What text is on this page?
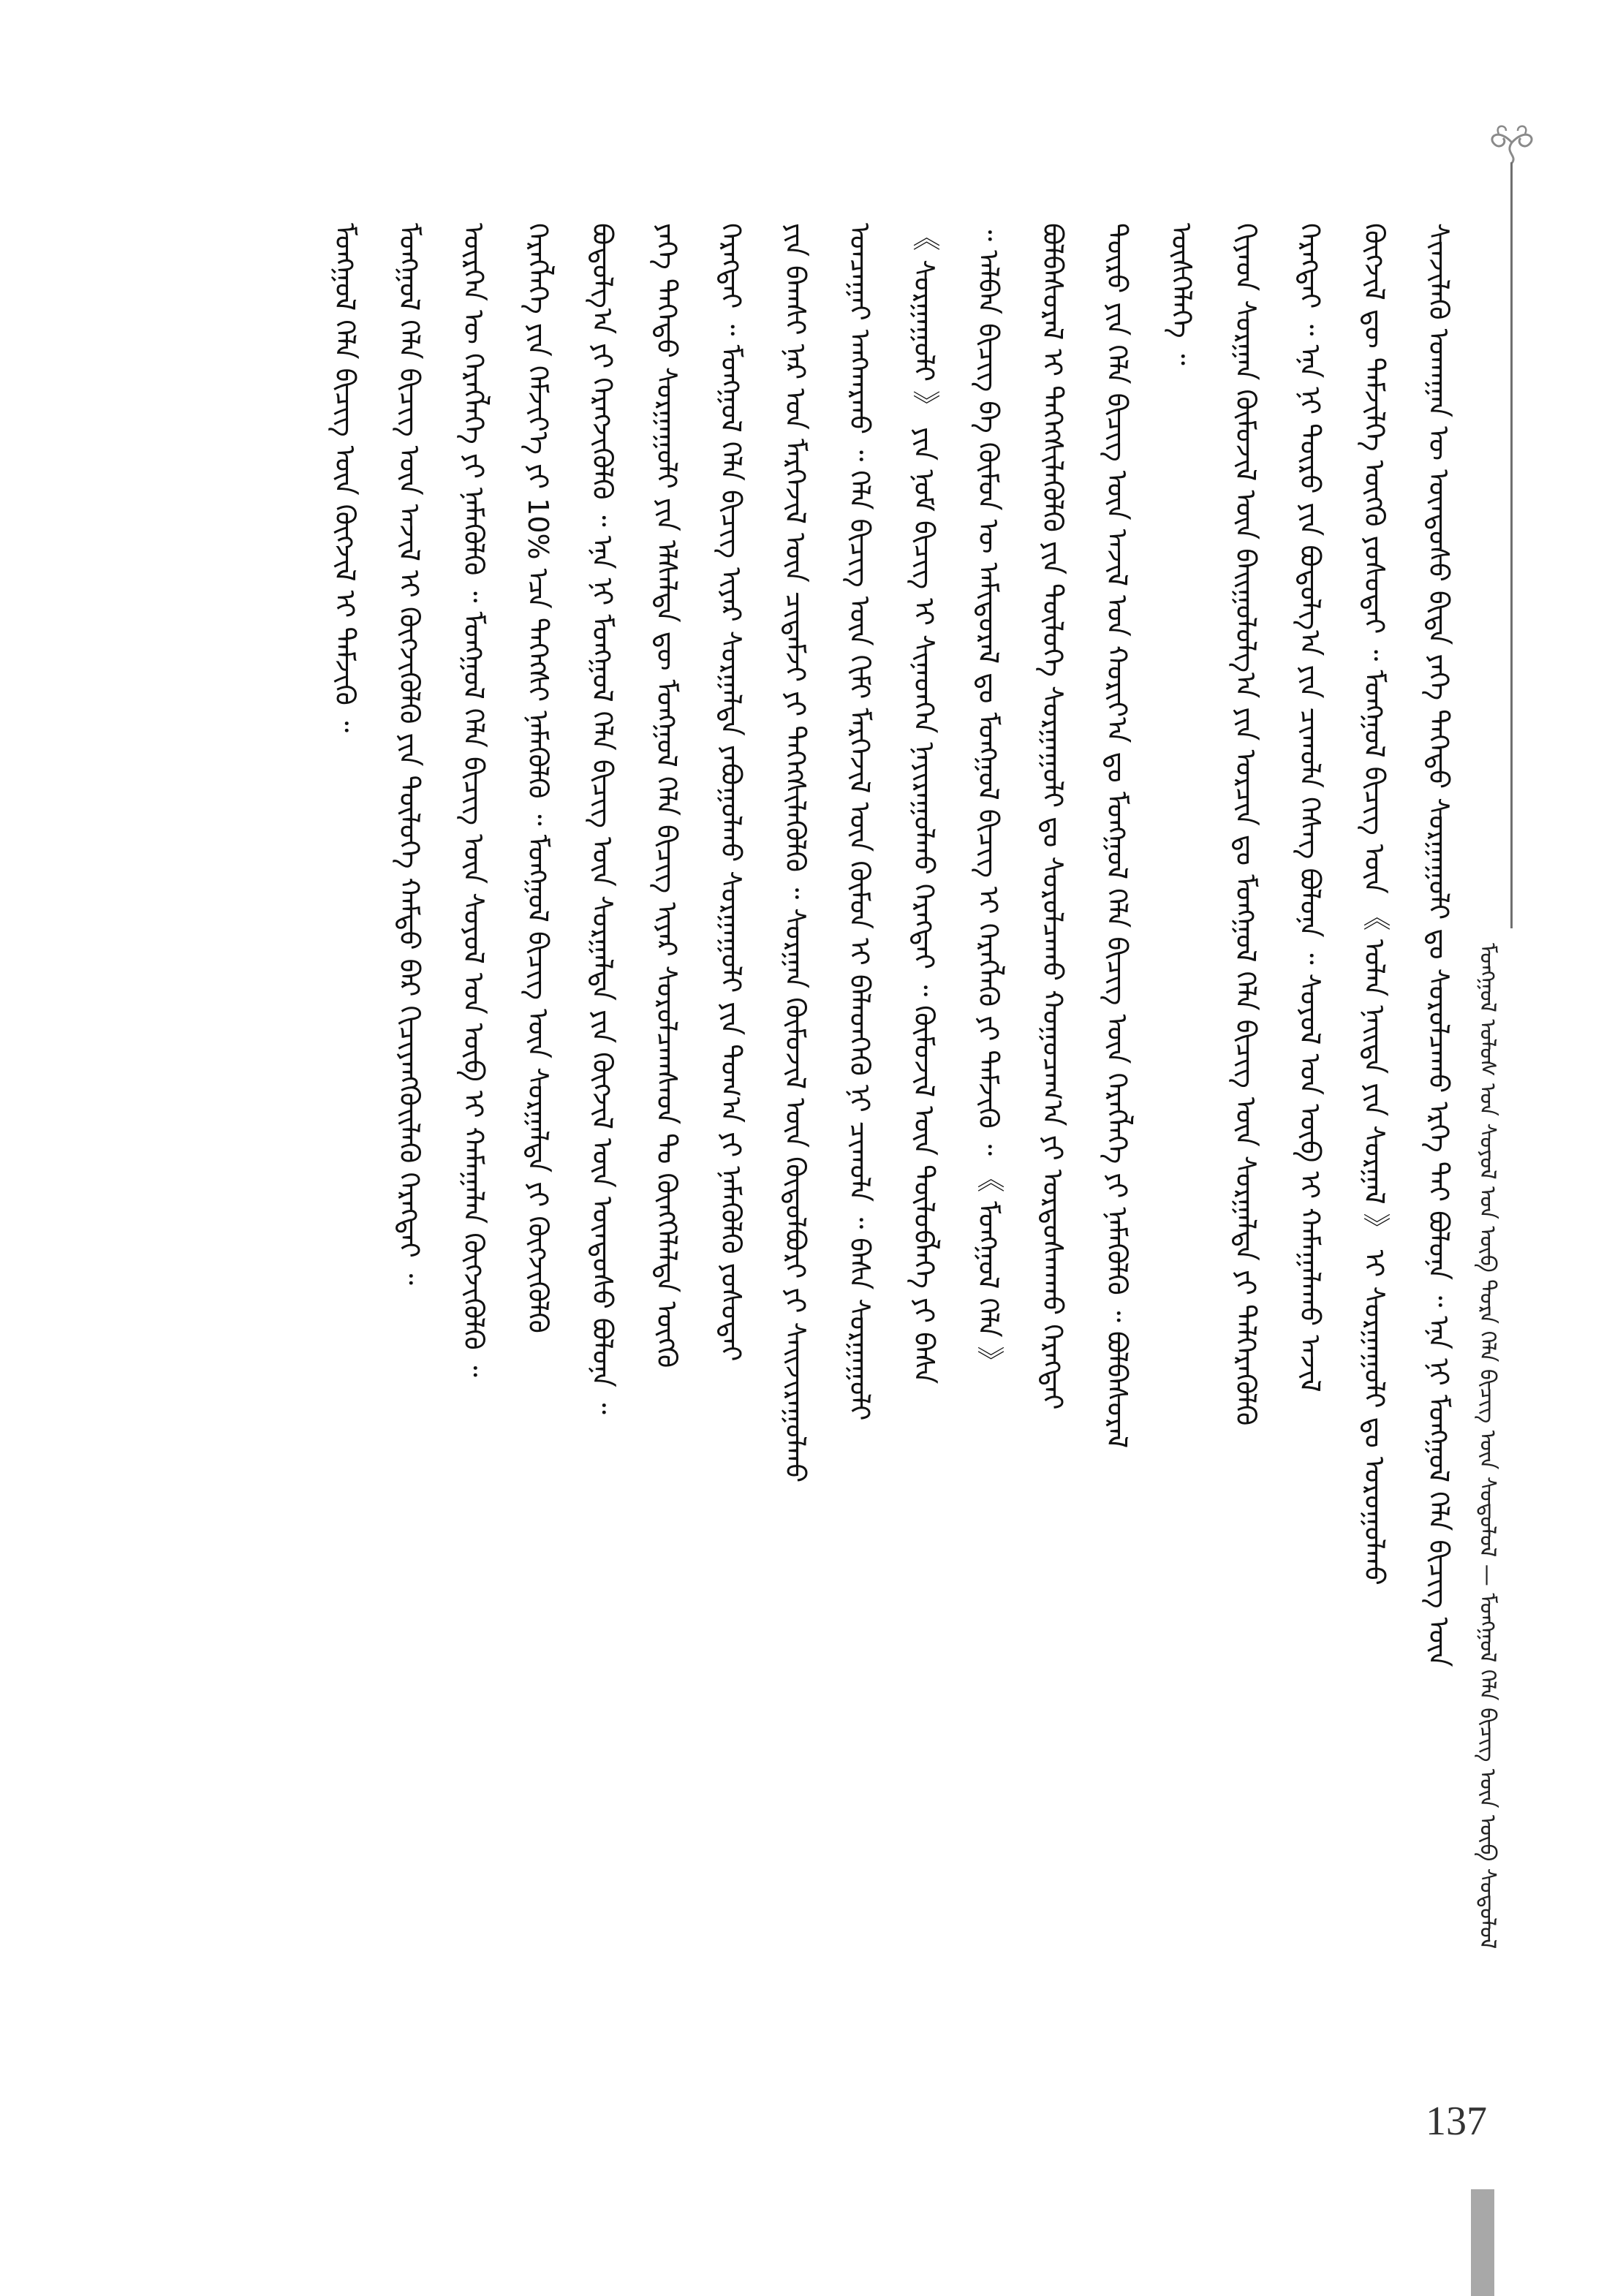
ᠮᠣᠩᠭᠣᠯ ᠤᠯᠤᠰ ᠤᠨ ᠰᠣᠶᠣᠯ ᠤᠨ ᠦᠪ ᠳᠣᠷᠠ ᠬᠡᠯᠡ ᠪᠢᠴᠢᠭ ᠦᠨ ᠰᠤᠳᠤᠯᠤᠯ — ᠮᠣᠩᠭᠣᠯ ᠬᠡᠯᠡ ᠪᠢᠴᠢᠭ ᠦᠨ ᠦᠪ ᠰᠤᠳᠤᠯᠤᠯ
ᠰᠢᠨᠵᠢᠯᠡᠬᠦ ᠤᠬᠠᠭᠠᠨ ᠦ ᠦᠨᠳᠦᠰᠦ ᠪᠢᠳᠡ ᠶᠡᠬᠡ ᠳᠡᠭᠡᠳᠦ ᠰᠤᠷᠭᠠᠭᠤᠯᠢ ᠳᠤ ᠰᠤᠷᠤᠯᠴᠠᠬᠤ ᠡᠷᠬᠡ ᠲᠠᠢ ᠪᠣᠯᠤᠨᠠ ᠃ ᠡᠨᠡ ᠨᠢ ᠮᠣᠩᠭᠣᠯ ᠬᠡᠯᠡ ᠪᠢᠴᠢᠭ ᠦᠨ
ᠬᠥᠭᠵᠢᠯ ᠳᠦ ᠳᠡᠮᠵᠢᠯᠭᠡ ᠥᠭᠬᠦ ᠶᠣᠰᠣᠳᠠᠢ ᠃ ᠮᠣᠩᠭᠣᠯ ᠪᠢᠴᠢᠭ ᠦᠨ 《 ᠣᠯᠠᠨ ᠨᠡᠢᠲᠡ ᠶᠢᠨ ᠰᠤᠷᠭᠠᠯ 》 ᠢ ᠰᠤᠷᠭᠠᠭᠤᠯᠢ ᠳᠤ ᠣᠷᠣᠭᠤᠯᠬᠤ
ᠬᠡᠷᠡᠭᠲᠡᠢ ᠃ ᠡᠨᠡ ᠨᠢ ᠲᠥᠷᠦ ᠶᠢᠨ ᠪᠣᠳᠣᠯᠭ᠎ᠠ ᠶᠢᠨ ᠴᠢᠬᠤᠯᠠ ᠬᠡᠰᠡᠭ ᠪᠣᠯᠤᠨᠠ ᠃ ᠰᠣᠶᠣᠯ ᠤᠨ ᠥᠪ ᠢ ᠬᠠᠮᠠᠭᠠᠯᠠᠬᠤ ᠠᠵᠢᠯ
ᠬᠢᠶᠡᠳ ᠰᠤᠷᠭᠠᠨ ᠬᠥᠮᠦᠵᠢᠯ ᠦᠨ ᠪᠠᠢᠭᠤᠯᠤᠯᠭ᠎ᠠ ᠶᠢᠨ ᠣᠷᠴᠢᠨ ᠳᠤ ᠮᠣᠩᠭᠣᠯ ᠬᠡᠯᠡ ᠪᠢᠴᠢᠭ ᠦᠨ ᠰᠤᠷᠭᠠᠯᠲᠠ ᠶᠢ ᠳᠡᠯᠭᠡᠷᠡᠭᠦᠯᠬᠦ
ᠥᠰᠭᠡᠯᠡᠭᠡ ᠃
ᠲᠥᠷᠦ ᠶᠢᠨ ᠬᠡᠯᠡ ᠪᠢᠴᠢᠭ ᠦᠨ ᠠᠵᠢᠯ ᠤᠨ ᠬᠣᠷᠢᠶ᠎ᠠ ᠳᠤ ᠮᠣᠩᠭᠣᠯ ᠬᠡᠯᠡ ᠪᠢᠴᠢᠭ ᠦᠨ ᠬᠡᠷᠡᠭᠯᠡᠭᠡ ᠶᠢ ᠨᠡᠮᠡᠭᠦᠯᠬᠦ ᠃ ᠪᠣᠯᠪᠠᠰᠤᠷᠠᠯ
ᠪᠣᠯᠪᠠᠰᠤᠷᠠᠯ ᠢ ᠳᠡᠭᠡᠭᠰᠢᠯᠡᠭᠦᠯᠬᠦ ᠶᠢᠨ ᠲᠥᠯᠥᠭᠡ ᠰᠤᠷᠭᠠᠭᠤᠯᠢ ᠳᠤ ᠰᠤᠷᠤᠯᠴᠠᠬᠤ ᠬᠤᠭᠤᠴᠠᠭ᠎ᠠ ᠶᠢ ᠤᠷᠲᠤᠰᠬᠠᠬᠤ ᠬᠡᠷᠡᠭᠲᠡᠢ
᠃ ᠠᠯᠪᠠᠨ ᠪᠢᠴᠢᠭ ᠪᠠ ᠬᠦᠮᠦᠨ ᠦ ᠠᠮᠢᠳᠤᠷᠠᠯ ᠳᠤ ᠮᠣᠩᠭᠣᠯ ᠪᠢᠴᠢᠭ ᠢ ᠬᠡᠷᠡᠭᠯᠡᠬᠦ ᠶᠢ ᠳᠡᠮᠵᠢᠬᠦ ᠃ 《 ᠮᠣᠩᠭᠣᠯ ᠬᠡᠯᠡ 》
《 ᠰᠤᠷᠭᠠᠭᠤᠯᠢ 》 ᠶᠢᠨ ᠨᠣᠮ ᠪᠢᠴᠢᠭ ᠢ ᠰᠢᠨᠡᠳᠬᠡᠨ ᠨᠠᠶᠢᠷᠠᠭᠤᠯᠬᠤ ᠬᠡᠷᠡᠭᠲᠡᠢ ᠃ ᠬᠥᠮᠦᠵᠢᠯ ᠦᠨ ᠲᠥᠯᠥᠪᠯᠡᠭᠡ ᠶᠢ ᠪᠠᠰᠠ
ᠣᠨᠴᠠᠭᠠᠢ ᠠᠩᠬᠠᠷᠬᠤ ᠃ ᠬᠡᠯᠡ ᠪᠢᠴᠢᠭ ᠦᠨ ᠬᠢᠮᠢ ᠮᠡᠷᠭᠡᠵᠢᠯ ᠦᠨ ᠬᠥᠮᠦᠨ ᠢ ᠪᠡᠯᠡᠳᠬᠡᠬᠦ ᠨᠢ ᠴᠢᠬᠤᠯᠠ ᠃ ᠪᠠᠰᠠ ᠰᠤᠷᠭᠠᠭᠤᠯᠢ
ᠶᠢᠨ ᠪᠠᠭᠰᠢ ᠨᠠᠷ ᠤᠨ ᠮᠡᠷᠭᠡᠵᠢᠯ ᠦᠨ ᠴᠢᠳᠠᠮᠵᠢ ᠶᠢ ᠳᠡᠭᠡᠭᠰᠢᠯᠡᠭᠦᠯᠬᠦ ᠃ ᠰᠤᠷᠭᠠᠨ ᠬᠥᠮᠦᠵᠢᠯ ᠦᠨ ᠬᠥᠲᠦᠯᠪᠦᠷᠢ ᠶᠢ ᠰᠠᠢᠵᠢᠷᠠᠭᠤᠯᠬᠤ
ᠬᠡᠷᠡᠭᠲᠡᠢ ᠃ ᠮᠣᠩᠭᠣᠯ ᠬᠡᠯᠡ ᠪᠢᠴᠢᠭ ᠢᠶᠡᠷ ᠰᠤᠷᠭᠠᠯᠲᠠ ᠶᠠᠪᠤᠭᠤᠯᠬᠤ ᠰᠤᠷᠭᠠᠭᠤᠯᠢ ᠶᠢᠨ ᠲᠣᠭ᠎ᠠ ᠶᠢ ᠨᠡᠮᠡᠭᠦᠯᠬᠦ ᠶᠣᠰᠣᠳᠠᠢ
ᠶᠡᠬᠡ ᠳᠡᠭᠡᠳᠦ ᠰᠤᠷᠭᠠᠭᠤᠯᠢ ᠶᠢᠨ ᠡᠯᠰᠡᠯᠲᠡ ᠳᠦ ᠮᠣᠩᠭᠣᠯ ᠬᠡᠯᠡ ᠪᠢᠴᠢᠭ ᠢᠶᠡᠷ ᠰᠤᠷᠤᠯᠴᠠᠭᠰᠠᠳ ᠲᠤ ᠬᠦᠩᠭᠡᠯᠡᠯᠲᠡ ᠥᠭᠬᠦ
ᠪᠣᠳᠣᠯᠭ᠎ᠠ ᠶᠢ ᠬᠡᠷᠡᠭᠵᠢᠭᠦᠯᠬᠦ ᠃ ᠡᠨᠡ ᠨᠢ ᠮᠣᠩᠭᠣᠯ ᠬᠡᠯᠡ ᠪᠢᠴᠢᠭ ᠦᠨ ᠰᠤᠷᠭᠠᠯᠲᠠ ᠶᠢᠨ ᠬᠥᠭᠵᠢᠯ ᠦᠨ ᠦᠨᠳᠦᠰᠦ ᠪᠣᠯᠤᠨᠠ ᠃
ᠬᠡᠷᠡᠭᠯᠡᠭᠡ ᠶᠢᠨ ᠬᠡᠮᠵᠢᠶ᠎ᠡ ᠶᠢ 10% ᠡᠴᠡ ᠳᠡᠭᠡᠭᠰᠢ ᠨᠡᠮᠡᠭᠦᠯᠬᠦ ᠃ ᠮᠣᠩᠭᠣᠯ ᠪᠢᠴᠢᠭ ᠦᠨ ᠰᠤᠷᠭᠠᠯᠲᠠ ᠶᠢ ᠬᠥᠭᠵᠢᠭᠦᠯᠬᠦ
ᠥᠷᠭᠡᠨ ᠦ ᠬᠡᠷᠡᠭᠯᠡᠭᠡ ᠶᠢ ᠨᠡᠮᠡᠭᠦᠯᠬᠦ ᠃ ᠮᠣᠩᠭᠣᠯ ᠬᠡᠯᠡ ᠪᠢᠴᠢᠭ ᠦᠨ ᠰᠣᠶᠣᠯ ᠤᠨ ᠦᠪ ᠢ ᠬᠠᠮᠠᠭᠠᠯᠠᠨ ᠬᠥᠭᠵᠢᠭᠦᠯᠬᠦ ᠃
ᠮᠣᠩᠭᠣᠯ ᠬᠡᠯᠡ ᠪᠢᠴᠢᠭ ᠦᠨ ᠠᠵᠢᠯ ᠢ ᠬᠥᠭᠵᠢᠭᠦᠯᠬᠦ ᠶᠢᠨ ᠲᠥᠯᠥᠭᠡ ᠬᠠᠮᠲᠤ ᠪᠡᠷ ᠬᠢᠴᠢᠶᠡᠩᠭᠦᠢᠯᠡᠬᠦ ᠬᠡᠷᠡᠭᠲᠡᠢ ᠃
ᠮᠣᠩᠭᠣᠯ ᠬᠡᠯᠡ ᠪᠢᠴᠢᠭ ᠦᠨ ᠬᠥᠭᠵᠢᠯ ᠢ ᠳᠡᠮᠵᠢᠬᠦ ᠃
137
